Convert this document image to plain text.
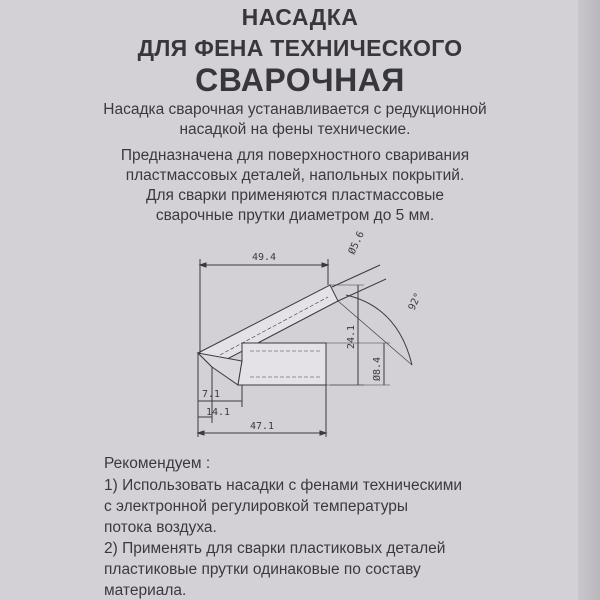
НАСАДКА
ДЛЯ ФЕНА ТЕХНИЧЕСКОГО
СВАРОЧНАЯ
Насадка сварочная устанавливается с редукционной
насадкой на фены технические.
Предназначена для поверхностного сваривания
пластмассовых деталей, напольных покрытий.
Для сварки применяются пластмассовые
сварочные прутки диаметром до 5 мм.
49.4
Ø5.6
92°
24.1
Ø8.4
7.1
14.1
47.1
Рекомендуем :
1) Использовать насадки с фенами техническими
с электронной регулировкой температуры
потока воздуха.
2) Применять для сварки пластиковых деталей
пластиковые прутки одинаковые по составу
материала.
